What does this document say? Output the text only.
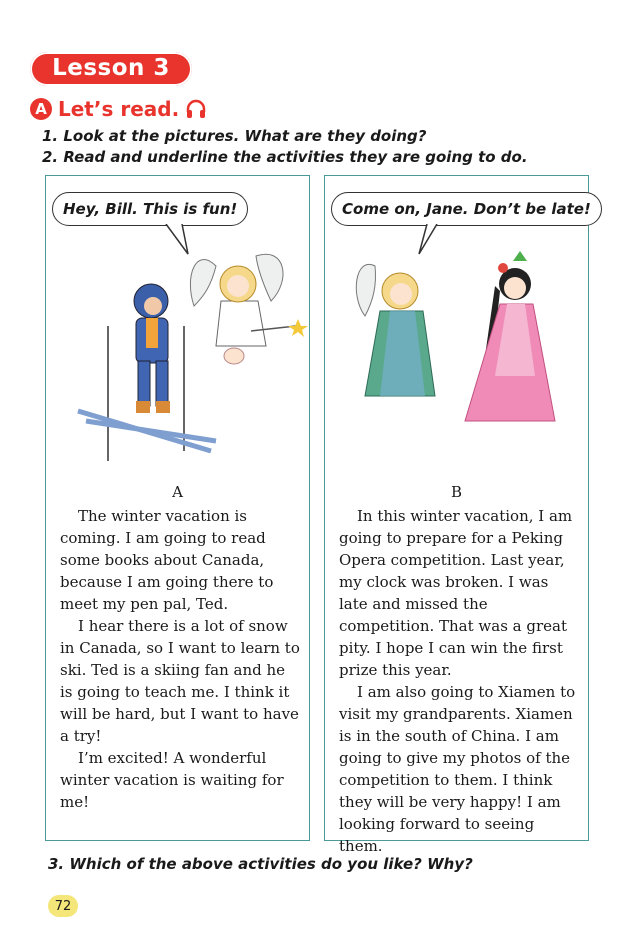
Lesson 3
A Let’s read.
1. Look at the pictures. What are they doing?
2. Read and underline the activities they are going to do.
Hey, Bill. This is fun!
A

The winter vacation is coming. I am going to read some books about Canada, because I am going there to meet my pen pal, Ted.

I hear there is a lot of snow in Canada, so I want to learn to ski. Ted is a skiing fan and he is going to teach me. I think it will be hard, but I want to have a try!

I’m excited! A wonderful winter vacation is waiting for me!

Come on, Jane. Don’t be late!
B

In this winter vacation, I am going to prepare for a Peking Opera competition. Last year, my clock was broken. I was late and missed the competition. That was a great pity. I hope I can win the first prize this year.

I am also going to Xiamen to visit my grandparents. Xiamen is in the south of China. I am going to give my photos of the competition to them. I think they will be very happy! I am looking forward to seeing them.

3. Which of the above activities do you like? Why?
72
